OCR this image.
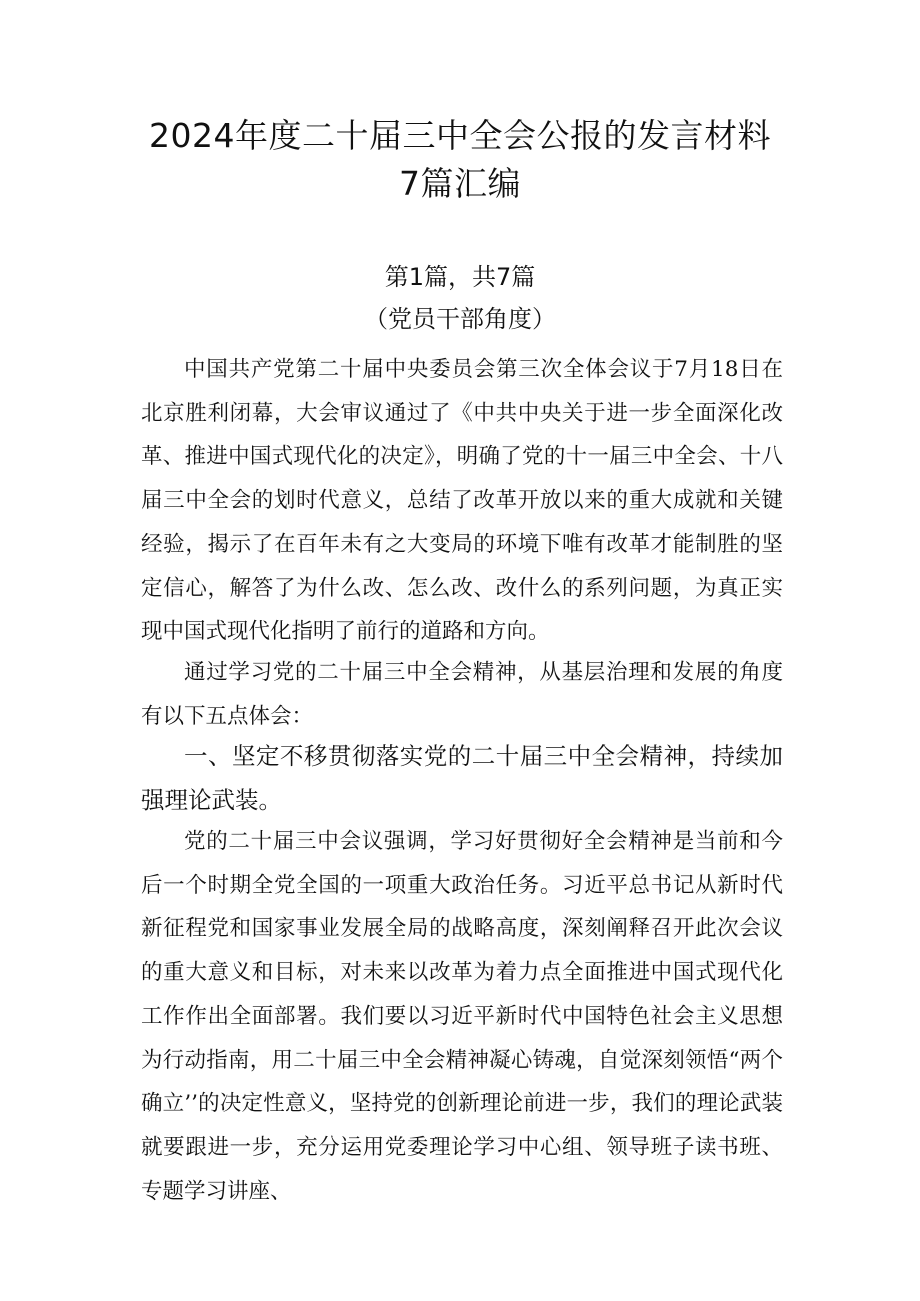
2024年度二十届三中全会公报的发言材料
7篇汇编
第1篇，共7篇
（党员干部角度）

中国共产党第二十届中央委员会第三次全体会议于7月18日在北京胜利闭幕，大会审议通过了《中共中央关于进一步全面深化改革、推进中国式现代化的决定》，明确了党的十一届三中全会、十八届三中全会的划时代意义，总结了改革开放以来的重大成就和关键经验，揭示了在百年未有之大变局的环境下唯有改革才能制胜的坚定信心，解答了为什么改、怎么改、改什么的系列问题，为真正实现中国式现代化指明了前行的道路和方向。

通过学习党的二十届三中全会精神，从基层治理和发展的角度有以下五点体会：

一、坚定不移贯彻落实党的二十届三中全会精神，持续加强理论武装。

党的二十届三中会议强调，学习好贯彻好全会精神是当前和今后一个时期全党全国的一项重大政治任务。习近平总书记从新时代新征程党和国家事业发展全局的战略高度，深刻阐释召开此次会议的重大意义和目标，对未来以改革为着力点全面推进中国式现代化工作作出全面部署。我们要以习近平新时代中国特色社会主义思想为行动指南，用二十届三中全会精神凝心铸魂，自觉深刻领悟“两个确立’’的决定性意义，坚持党的创新理论前进一步，我们的理论武装就要跟进一步，充分运用党委理论学习中心组、领导班子读书班、专题学习讲座、
